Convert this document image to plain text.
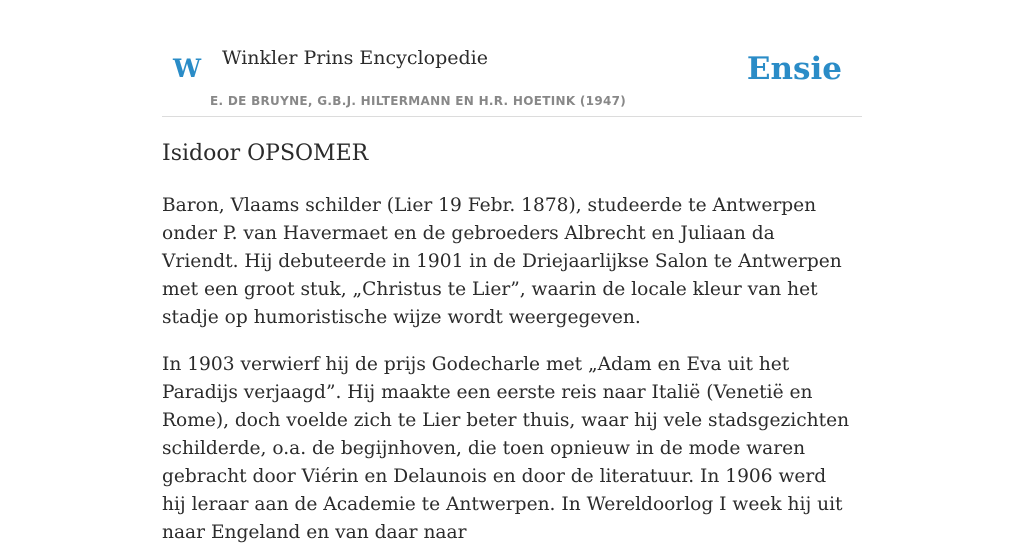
W Winkler Prins Encyclopedie
E. DE BRUYNE, G.B.J. HILTERMANN EN H.R. HOETINK (1947)
Ensie
Isidoor OPSOMER

Baron, Vlaams schilder (Lier 19 Febr. 1878), studeerde te Antwerpen onder P. van Havermaet en de gebroeders Albrecht en Juliaan da Vriendt. Hij debuteerde in 1901 in de Driejaarlijkse Salon te Antwerpen met een groot stuk, „Christus te Lier”, waarin de locale kleur van het stadje op humoristische wijze wordt weergegeven.

In 1903 verwierf hij de prijs Godecharle met „Adam en Eva uit het Paradijs verjaagd”. Hij maakte een eerste reis naar Italië (Venetië en Rome), doch voelde zich te Lier beter thuis, waar hij vele stadsgezichten schilderde, o.a. de begijnhoven, die toen opnieuw in de mode waren gebracht door Viérin en Delaunois en door de literatuur. In 1906 werd hij leraar aan de Academie te Antwerpen. In Wereldoorlog I week hij uit naar Engeland en van daar naar
